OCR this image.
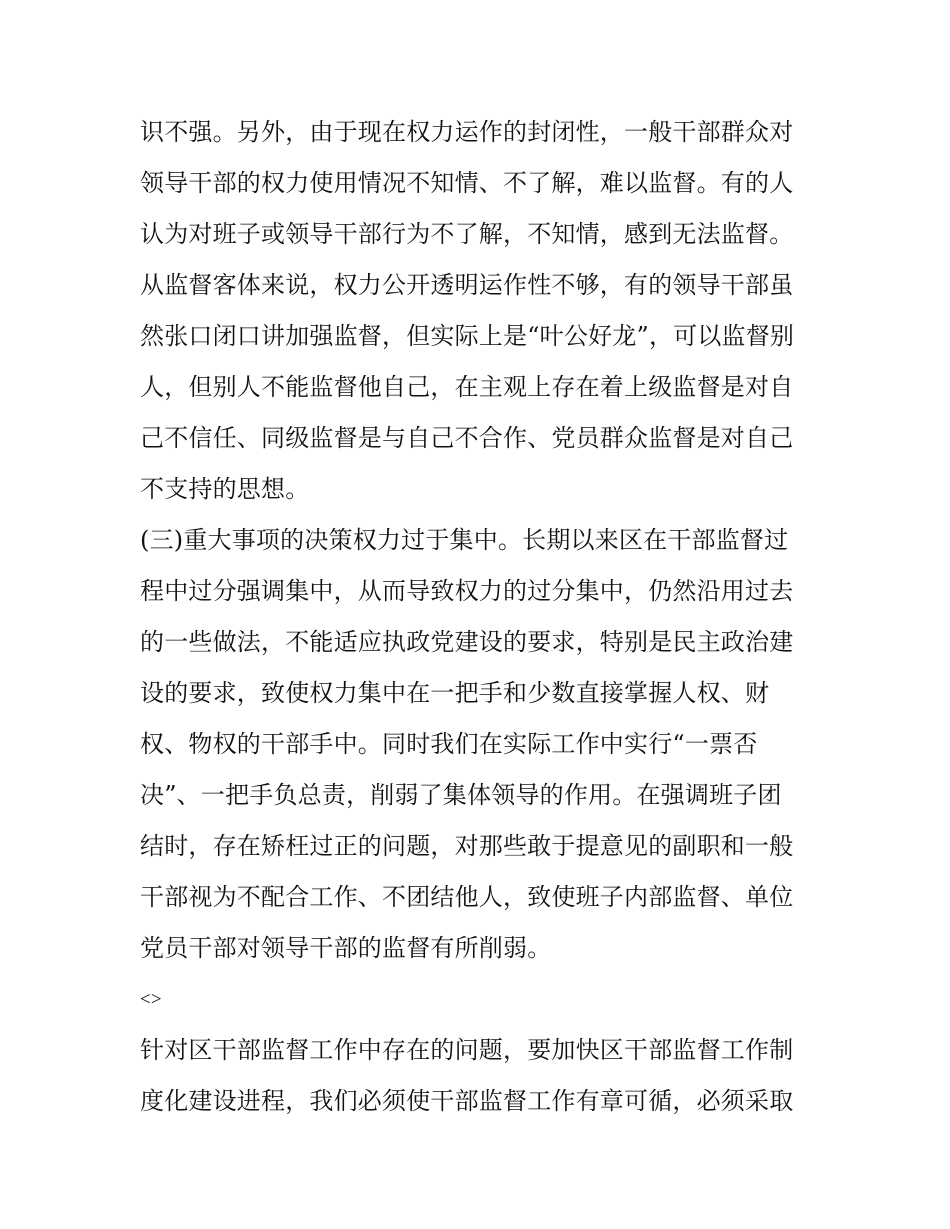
识不强。另外，由于现在权力运作的封闭性，一般干部群众对
领导干部的权力使用情况不知情、不了解，难以监督。有的人
认为对班子或领导干部行为不了解，不知情，感到无法监督。
从监督客体来说，权力公开透明运作性不够，有的领导干部虽
然张口闭口讲加强监督，但实际上是“叶公好龙”，可以监督别
人，但别人不能监督他自己，在主观上存在着上级监督是对自
己不信任、同级监督是与自己不合作、党员群众监督是对自己
不支持的思想。
(三)重大事项的决策权力过于集中。长期以来区在干部监督过
程中过分强调集中，从而导致权力的过分集中，仍然沿用过去
的一些做法，不能适应执政党建设的要求，特别是民主政治建
设的要求，致使权力集中在一把手和少数直接掌握人权、财
权、物权的干部手中。同时我们在实际工作中实行“一票否
决”、一把手负总责，削弱了集体领导的作用。在强调班子团
结时，存在矫枉过正的问题，对那些敢于提意见的副职和一般
干部视为不配合工作、不团结他人，致使班子内部监督、单位
党员干部对领导干部的监督有所削弱。
<>
针对区干部监督工作中存在的问题，要加快区干部监督工作制
度化建设进程，我们必须使干部监督工作有章可循，必须采取
